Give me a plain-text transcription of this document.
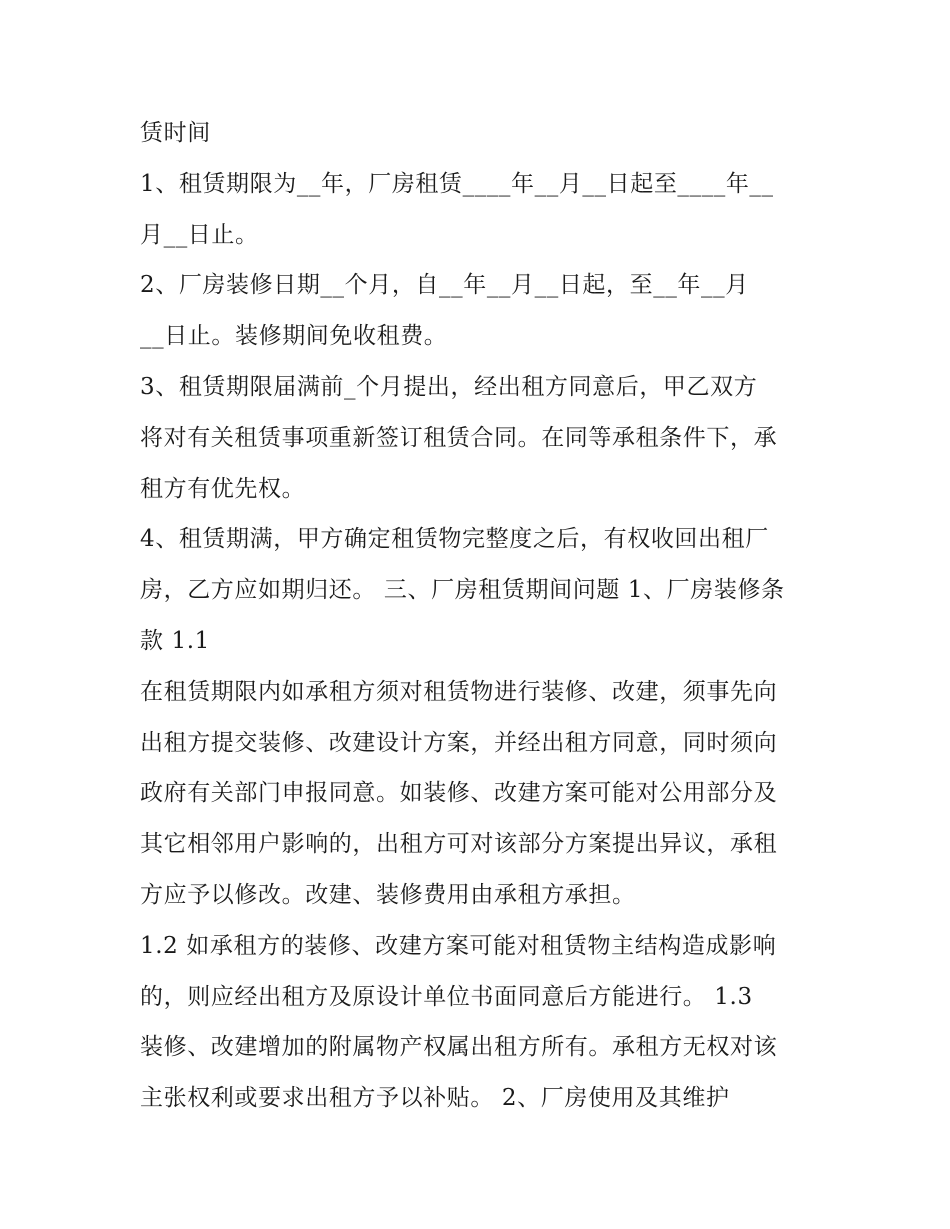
赁时间
1、租赁期限为__年，厂房租赁____年__月__日起至____年__
月__日止。
2、厂房装修日期__个月，自__年__月__日起，至__年__月
__日止。装修期间免收租费。
3、租赁期限届满前_个月提出，经出租方同意后，甲乙双方
将对有关租赁事项重新签订租赁合同。在同等承租条件下，承
租方有优先权。
4、租赁期满，甲方确定租赁物完整度之后，有权收回出租厂
房，乙方应如期归还。 三、厂房租赁期间问题 1、厂房装修条
款 1.1
在租赁期限内如承租方须对租赁物进行装修、改建，须事先向
出租方提交装修、改建设计方案，并经出租方同意，同时须向
政府有关部门申报同意。如装修、改建方案可能对公用部分及
其它相邻用户影响的，出租方可对该部分方案提出异议，承租
方应予以修改。改建、装修费用由承租方承担。
1.2 如承租方的装修、改建方案可能对租赁物主结构造成影响
的，则应经出租方及原设计单位书面同意后方能进行。 1.3
装修、改建增加的附属物产权属出租方所有。承租方无权对该
主张权利或要求出租方予以补贴。 2、厂房使用及其维护
